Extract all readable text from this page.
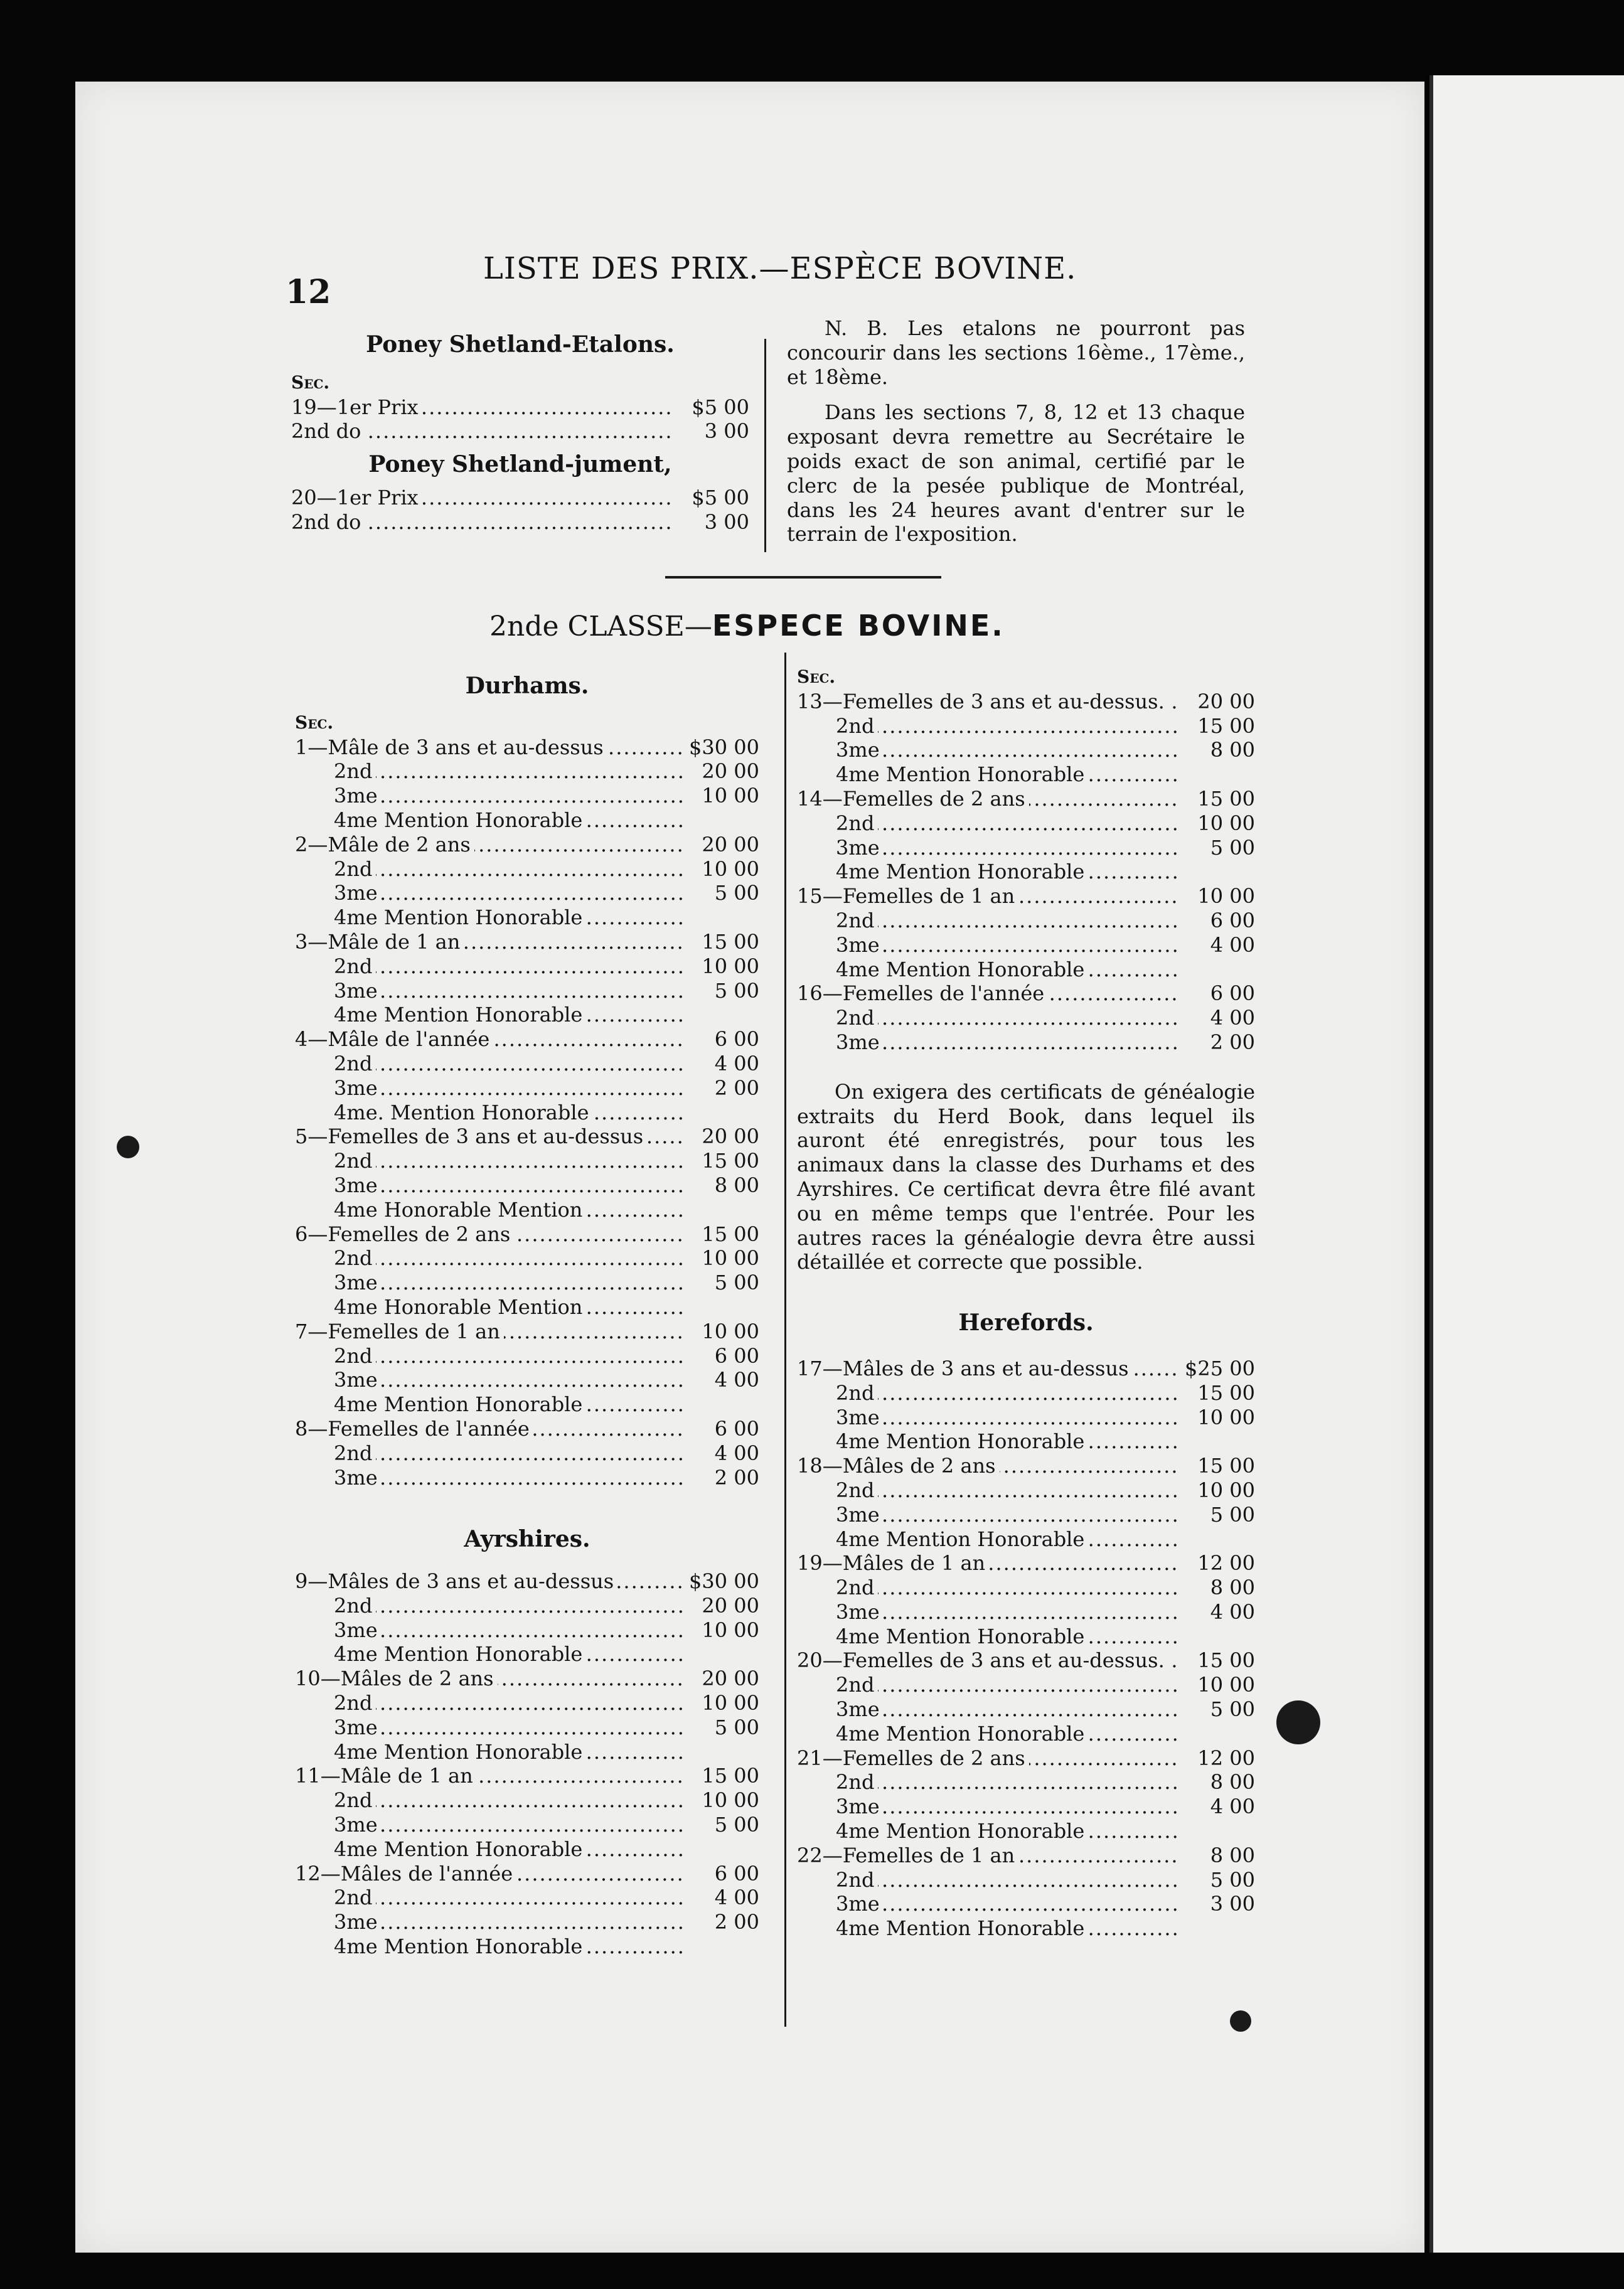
12
LISTE DES PRIX.—ESPÈCE BOVINE.
Poney Shetland-Etalons.
Sec.
.....
19—1er Prix	$5 00
.....
2nd do	3 00
Poney Shetland-jument,
.....
20—1er Prix	$5 00
.....
2nd do	3 00

N. B. Les etalons ne pourront pas concourir dans les sections 16ème., 17ème., et 18ème.

Dans les sections 7, 8, 12 et 13 chaque exposant devra remettre au Secrétaire le poids exact de son animal, certifié par le clerc de la pesée publique de Montréal, dans les 24 heures avant d'entrer sur le terrain de l'exposition.

2nde CLASSE—ESPECE BOVINE.
Durhams.
Sec.
.....
1—Mâle de 3 ans et au-dessus	$30 00
.....
2nd	20 00
.....
3me	10 00
.....
4me Mention Honorable
.....
2—Mâle de 2 ans	20 00
.....
2nd	10 00
.....
3me	5 00
.....
4me Mention Honorable
.....
3—Mâle de 1 an	15 00
.....
2nd	10 00
.....
3me	5 00
.....
4me Mention Honorable
.....
4—Mâle de l'année	6 00
.....
2nd	4 00
.....
3me	2 00
.....
4me. Mention Honorable
.....
5—Femelles de 3 ans et au-dessus	20 00
.....
2nd	15 00
.....
3me	8 00
.....
4me Honorable Mention
.....
6—Femelles de 2 ans	15 00
.....
2nd	10 00
.....
3me	5 00
.....
4me Honorable Mention
.....
7—Femelles de 1 an	10 00
.....
2nd	6 00
.....
3me	4 00
.....
4me Mention Honorable
.....
8—Femelles de l'année	6 00
.....
2nd	4 00
.....
3me	2 00
Ayrshires.
.....
9—Mâles de 3 ans et au-dessus	$30 00
.....
2nd	20 00
.....
3me	10 00
.....
4me Mention Honorable
.....
10—Mâles de 2 ans	20 00
.....
2nd	10 00
.....
3me	5 00
.....
4me Mention Honorable
.....
11—Mâle de 1 an	15 00
.....
2nd	10 00
.....
3me	5 00
.....
4me Mention Honorable
.....
12—Mâles de l'année	6 00
.....
2nd	4 00
.....
3me	2 00
.....
4me Mention Honorable
Sec.
.....
13—Femelles de 3 ans et au-dessus. 20 00
.....
2nd	15 00
.....
3me	8 00
.....
4me Mention Honorable
.....
14—Femelles de 2 ans	15 00
.....
2nd	10 00
.....
3me	5 00
.....
4me Mention Honorable
.....
15—Femelles de 1 an	10 00
.....
2nd	6 00
.....
3me	4 00
.....
4me Mention Honorable
.....
16—Femelles de l'année	6 00
.....
2nd	4 00
.....
3me	2 00

On exigera des certificats de généalogie extraits du Herd Book, dans lequel ils auront été enregistrés, pour tous les animaux dans la classe des Durhams et des Ayrshires. Ce certificat devra être filé avant ou en même temps que l'entrée. Pour les autres races la généalogie devra être aussi détaillée et correcte que possible.

Herefords.
.....
17—Mâles de 3 ans et au-dessus	$25 00
.....
2nd	15 00
.....
3me	10 00
.....
4me Mention Honorable
.....
18—Mâles de 2 ans	15 00
.....
2nd	10 00
.....
3me	5 00
.....
4me Mention Honorable
.....
19—Mâles de 1 an	12 00
.....
2nd	8 00
.....
3me	4 00
.....
4me Mention Honorable
.....
20—Femelles de 3 ans et au-dessus. 15 00
.....
2nd	10 00
.....
3me	5 00
.....
4me Mention Honorable
.....
21—Femelles de 2 ans	12 00
.....
2nd	8 00
.....
3me	4 00
.....
4me Mention Honorable
.....
22—Femelles de 1 an	8 00
.....
2nd	5 00
.....
3me	3 00
.....
4me Mention Honorable
